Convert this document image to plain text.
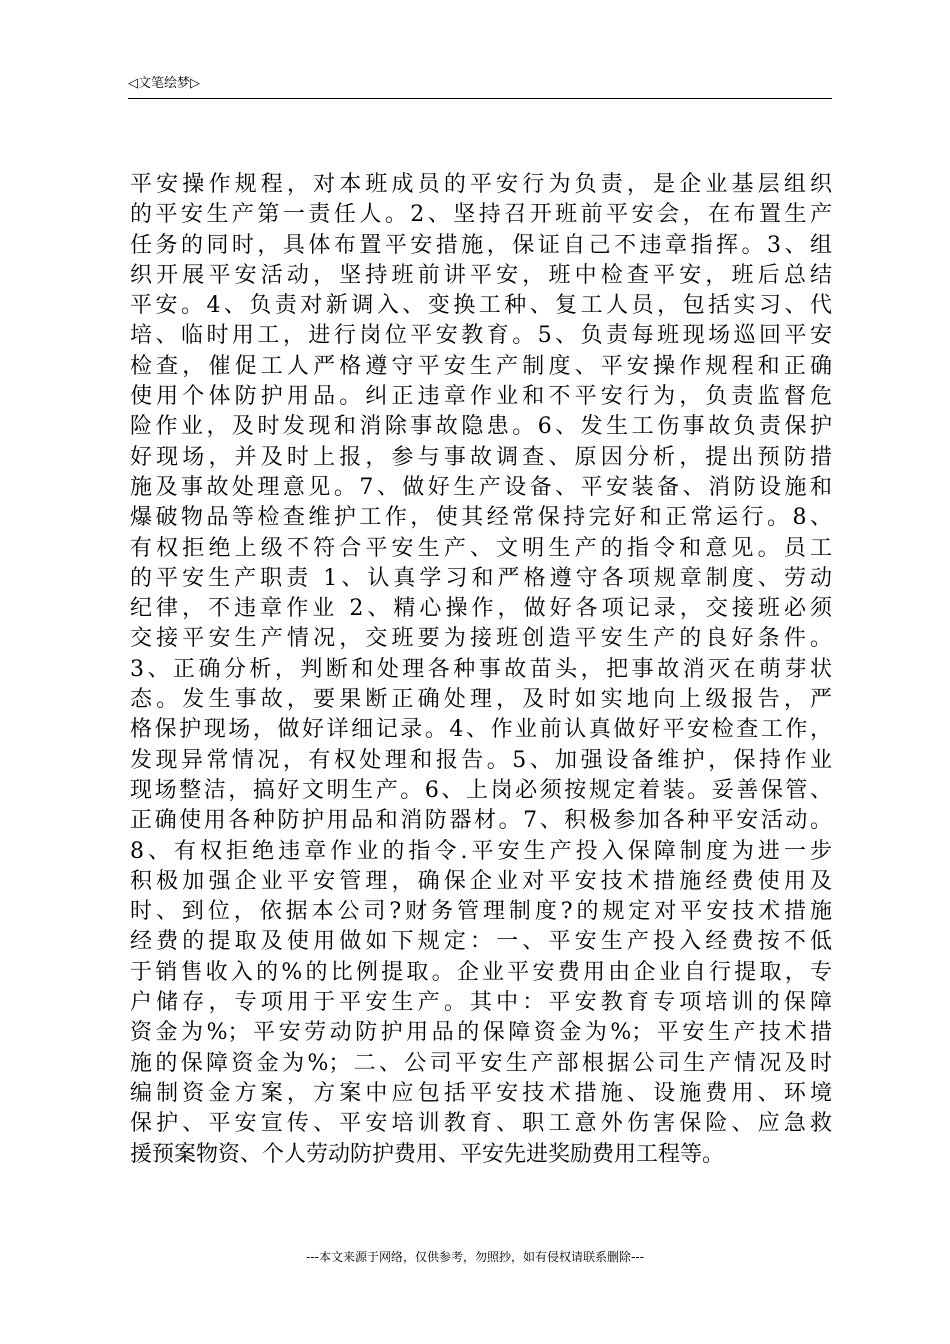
◁文笔绘梦▷
平安操作规程，对本班成员的平安行为负责，是企业基层组织
的平安生产第一责任人。2、坚持召开班前平安会，在布置生产
任务的同时，具体布置平安措施，保证自己不违章指挥。3、组
织开展平安活动，坚持班前讲平安，班中检查平安，班后总结
平安。4、负责对新调入、变换工种、复工人员，包括实习、代
培、临时用工，进行岗位平安教育。5、负责每班现场巡回平安
检查，催促工人严格遵守平安生产制度、平安操作规程和正确
使用个体防护用品。纠正违章作业和不平安行为，负责监督危
险作业，及时发现和消除事故隐患。6、发生工伤事故负责保护
好现场，并及时上报，参与事故调查、原因分析，提出预防措
施及事故处理意见。7、做好生产设备、平安装备、消防设施和
爆破物品等检查维护工作，使其经常保持完好和正常运行。8、
有权拒绝上级不符合平安生产、文明生产的指令和意见。员工
的平安生产职责 1、认真学习和严格遵守各项规章制度、劳动
纪律，不违章作业 2、精心操作，做好各项记录，交接班必须
交接平安生产情况，交班要为接班创造平安生产的良好条件。
3、正确分析，判断和处理各种事故苗头，把事故消灭在萌芽状
态。发生事故，要果断正确处理，及时如实地向上级报告，严
格保护现场，做好详细记录。4、作业前认真做好平安检查工作，
发现异常情况，有权处理和报告。5、加强设备维护，保持作业
现场整洁，搞好文明生产。6、上岗必须按规定着装。妥善保管、
正确使用各种防护用品和消防器材。7、积极参加各种平安活动。
8、有权拒绝违章作业的指令.平安生产投入保障制度为进一步
积极加强企业平安管理，确保企业对平安技术措施经费使用及
时、到位，依据本公司?财务管理制度?的规定对平安技术措施
经费的提取及使用做如下规定：一、平安生产投入经费按不低
于销售收入的%的比例提取。企业平安费用由企业自行提取，专
户储存，专项用于平安生产。其中：平安教育专项培训的保障
资金为%；平安劳动防护用品的保障资金为%；平安生产技术措
施的保障资金为%；二、公司平安生产部根据公司生产情况及时
编制资金方案，方案中应包括平安技术措施、设施费用、环境
保护、平安宣传、平安培训教育、职工意外伤害保险、应急救
援预案物资、个人劳动防护费用、平安先进奖励费用工程等。
---本文来源于网络，仅供参考，勿照抄，如有侵权请联系删除---
